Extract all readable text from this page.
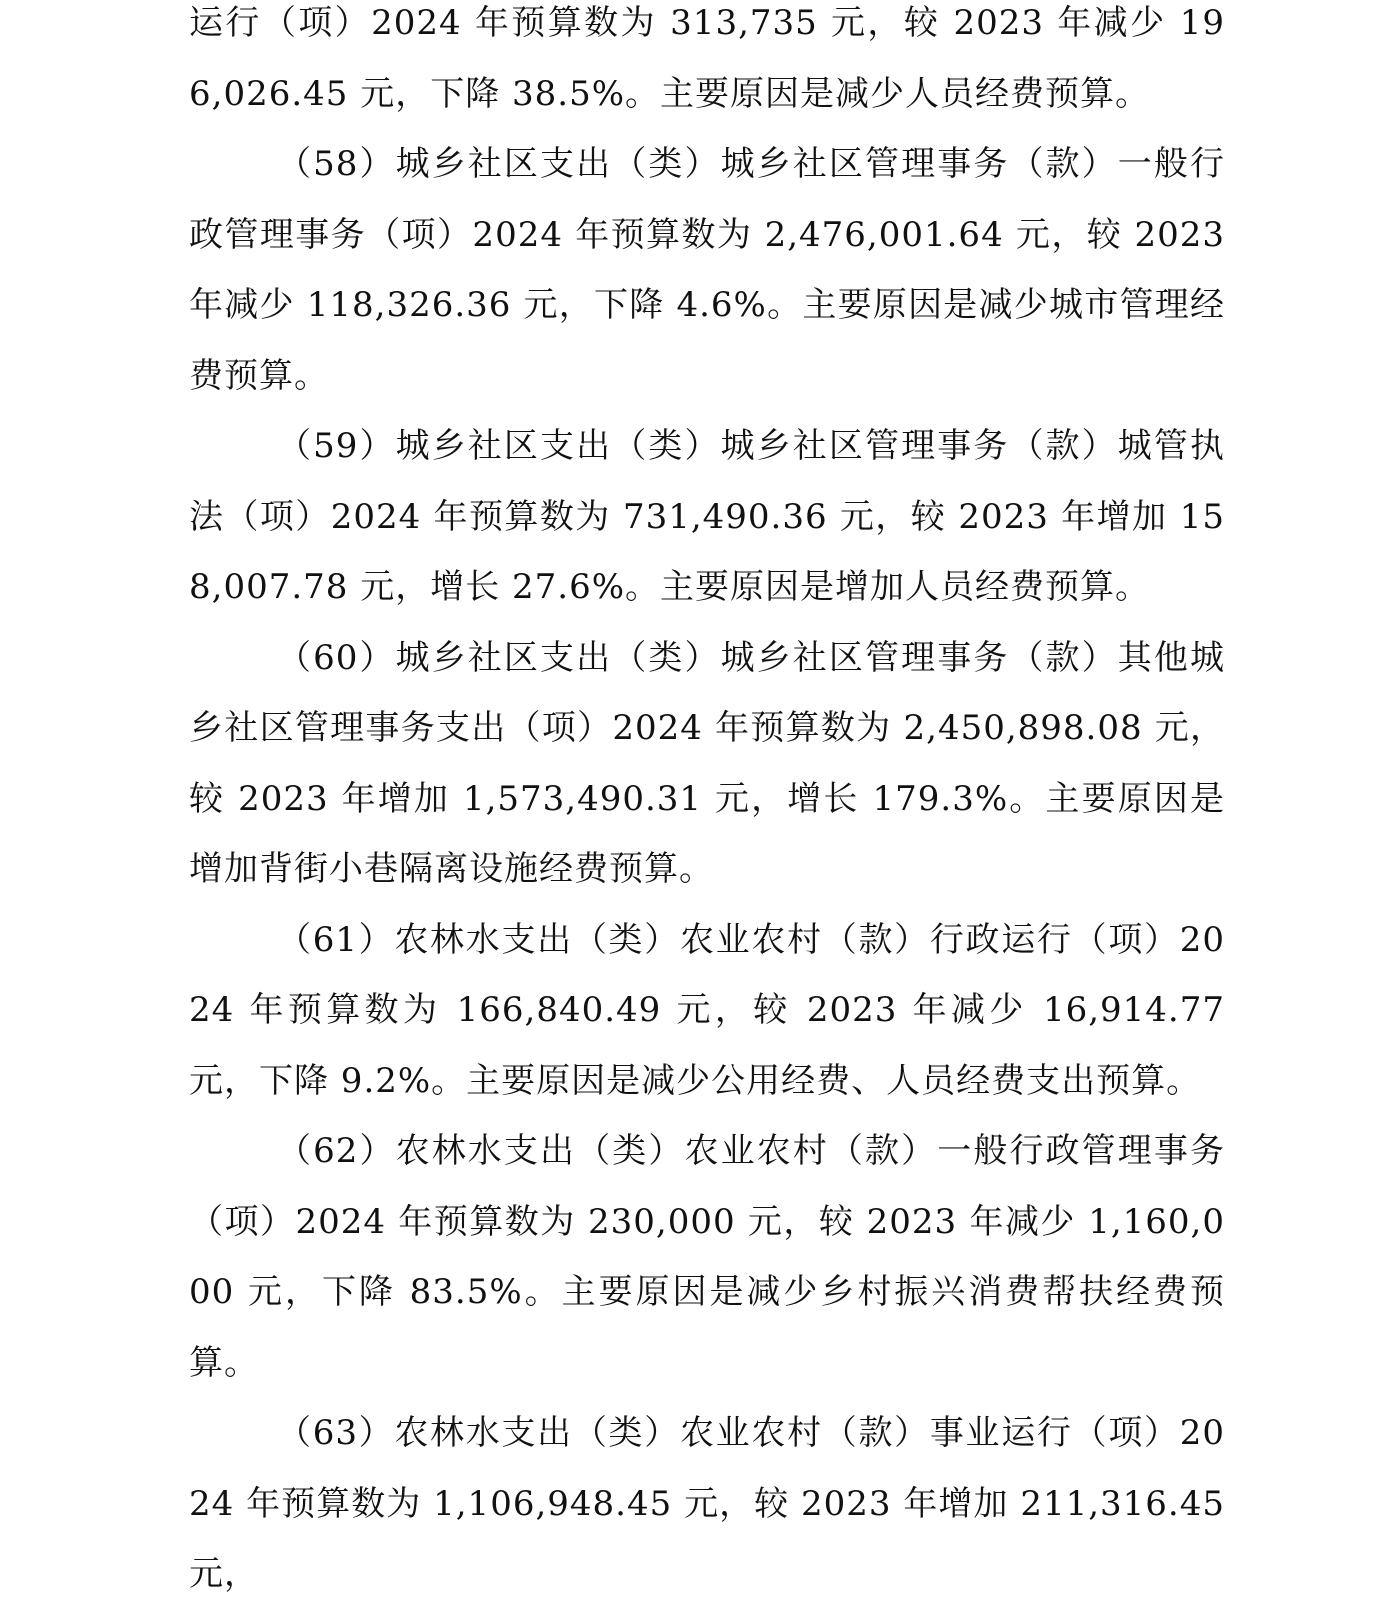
运行（项）2024 年预算数为 313,735 元，较 2023 年减少 196,026.45 元，下降 38.5%。主要原因是减少人员经费预算。

（58）城乡社区支出（类）城乡社区管理事务（款）一般行政管理事务（项）2024 年预算数为 2,476,001.64 元，较 2023 年减少 118,326.36 元，下降 4.6%。主要原因是减少城市管理经费预算。

（59）城乡社区支出（类）城乡社区管理事务（款）城管执法（项）2024 年预算数为 731,490.36 元，较 2023 年增加 158,007.78 元，增长 27.6%。主要原因是增加人员经费预算。

（60）城乡社区支出（类）城乡社区管理事务（款）其他城乡社区管理事务支出（项）2024 年预算数为 2,450,898.08 元，较 2023 年增加 1,573,490.31 元，增长 179.3%。主要原因是增加背街小巷隔离设施经费预算。

（61）农林水支出（类）农业农村（款）行政运行（项）2024 年预算数为 166,840.49 元，较 2023 年减少 16,914.77 元，下降 9.2%。主要原因是减少公用经费、人员经费支出预算。

（62）农林水支出（类）农业农村（款）一般行政管理事务（项）2024 年预算数为 230,000 元，较 2023 年减少 1,160,000 元，下降 83.5%。主要原因是减少乡村振兴消费帮扶经费预算。

（63）农林水支出（类）农业农村（款）事业运行（项）2024 年预算数为 1,106,948.45 元，较 2023 年增加 211,316.45 元，
